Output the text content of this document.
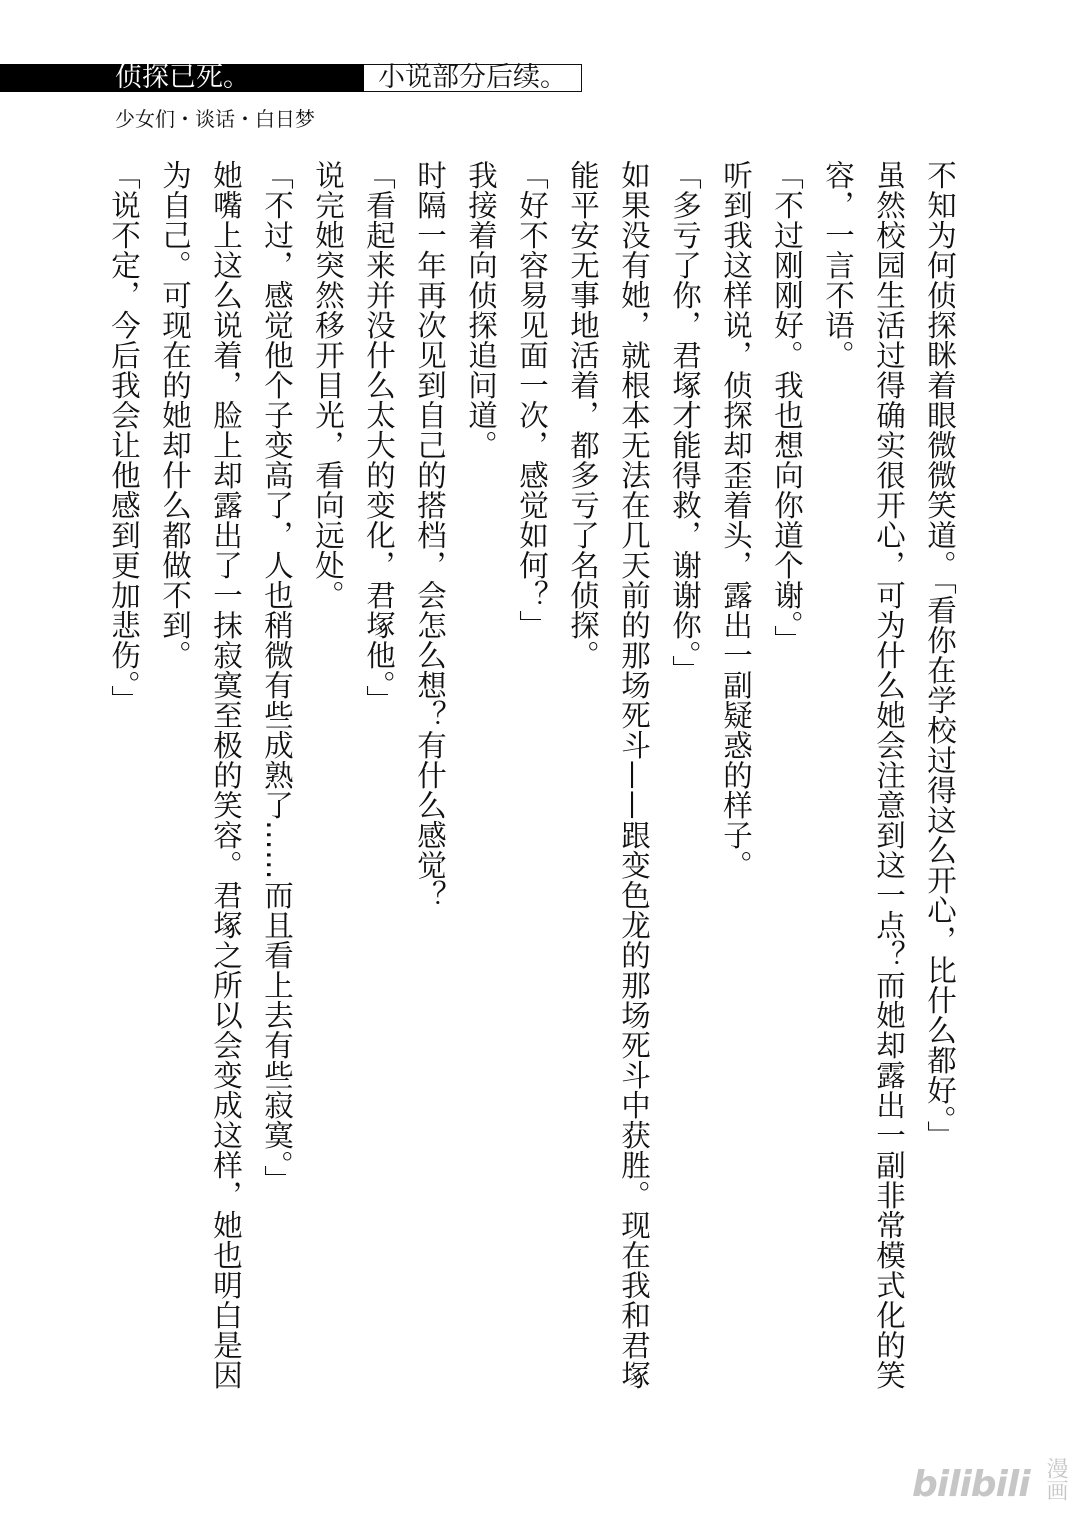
侦探已死。	小说部分后续。
少女们・谈话・白日梦

不知为何侦探眯着眼微微笑道。「看你在学校过得这么开心，比什么都好。」

虽然校园生活过得确实很开心，可为什么她会注意到这一点？而她却露出一副非常模式化的笑容，一言不语。

「不过刚刚好。我也想向你道个谢。」

听到我这样说，侦探却歪着头，露出一副疑惑的样子。

「多亏了你，君塚才能得救，谢谢你。」

如果没有她，就根本无法在几天前的那场死斗——跟变色龙的那场死斗中获胜。现在我和君塚能平安无事地活着，都多亏了名侦探。

「好不容易见面一次，感觉如何？」

我接着向侦探追问道。

时隔一年再次见到自己的搭档，会怎么想？有什么感觉？

「看起来并没什么太大的变化，君塚他。」

说完她突然移开目光，看向远处。

「不过，感觉他个子变高了，人也稍微有些成熟了……而且看上去有些寂寞。」

她嘴上这么说着，脸上却露出了一抹寂寞至极的笑容。君塚之所以会变成这样，她也明白是因为自己。可现在的她却什么都做不到。

「说不定，今后我会让他感到更加悲伤。」

bilibili 漫画
